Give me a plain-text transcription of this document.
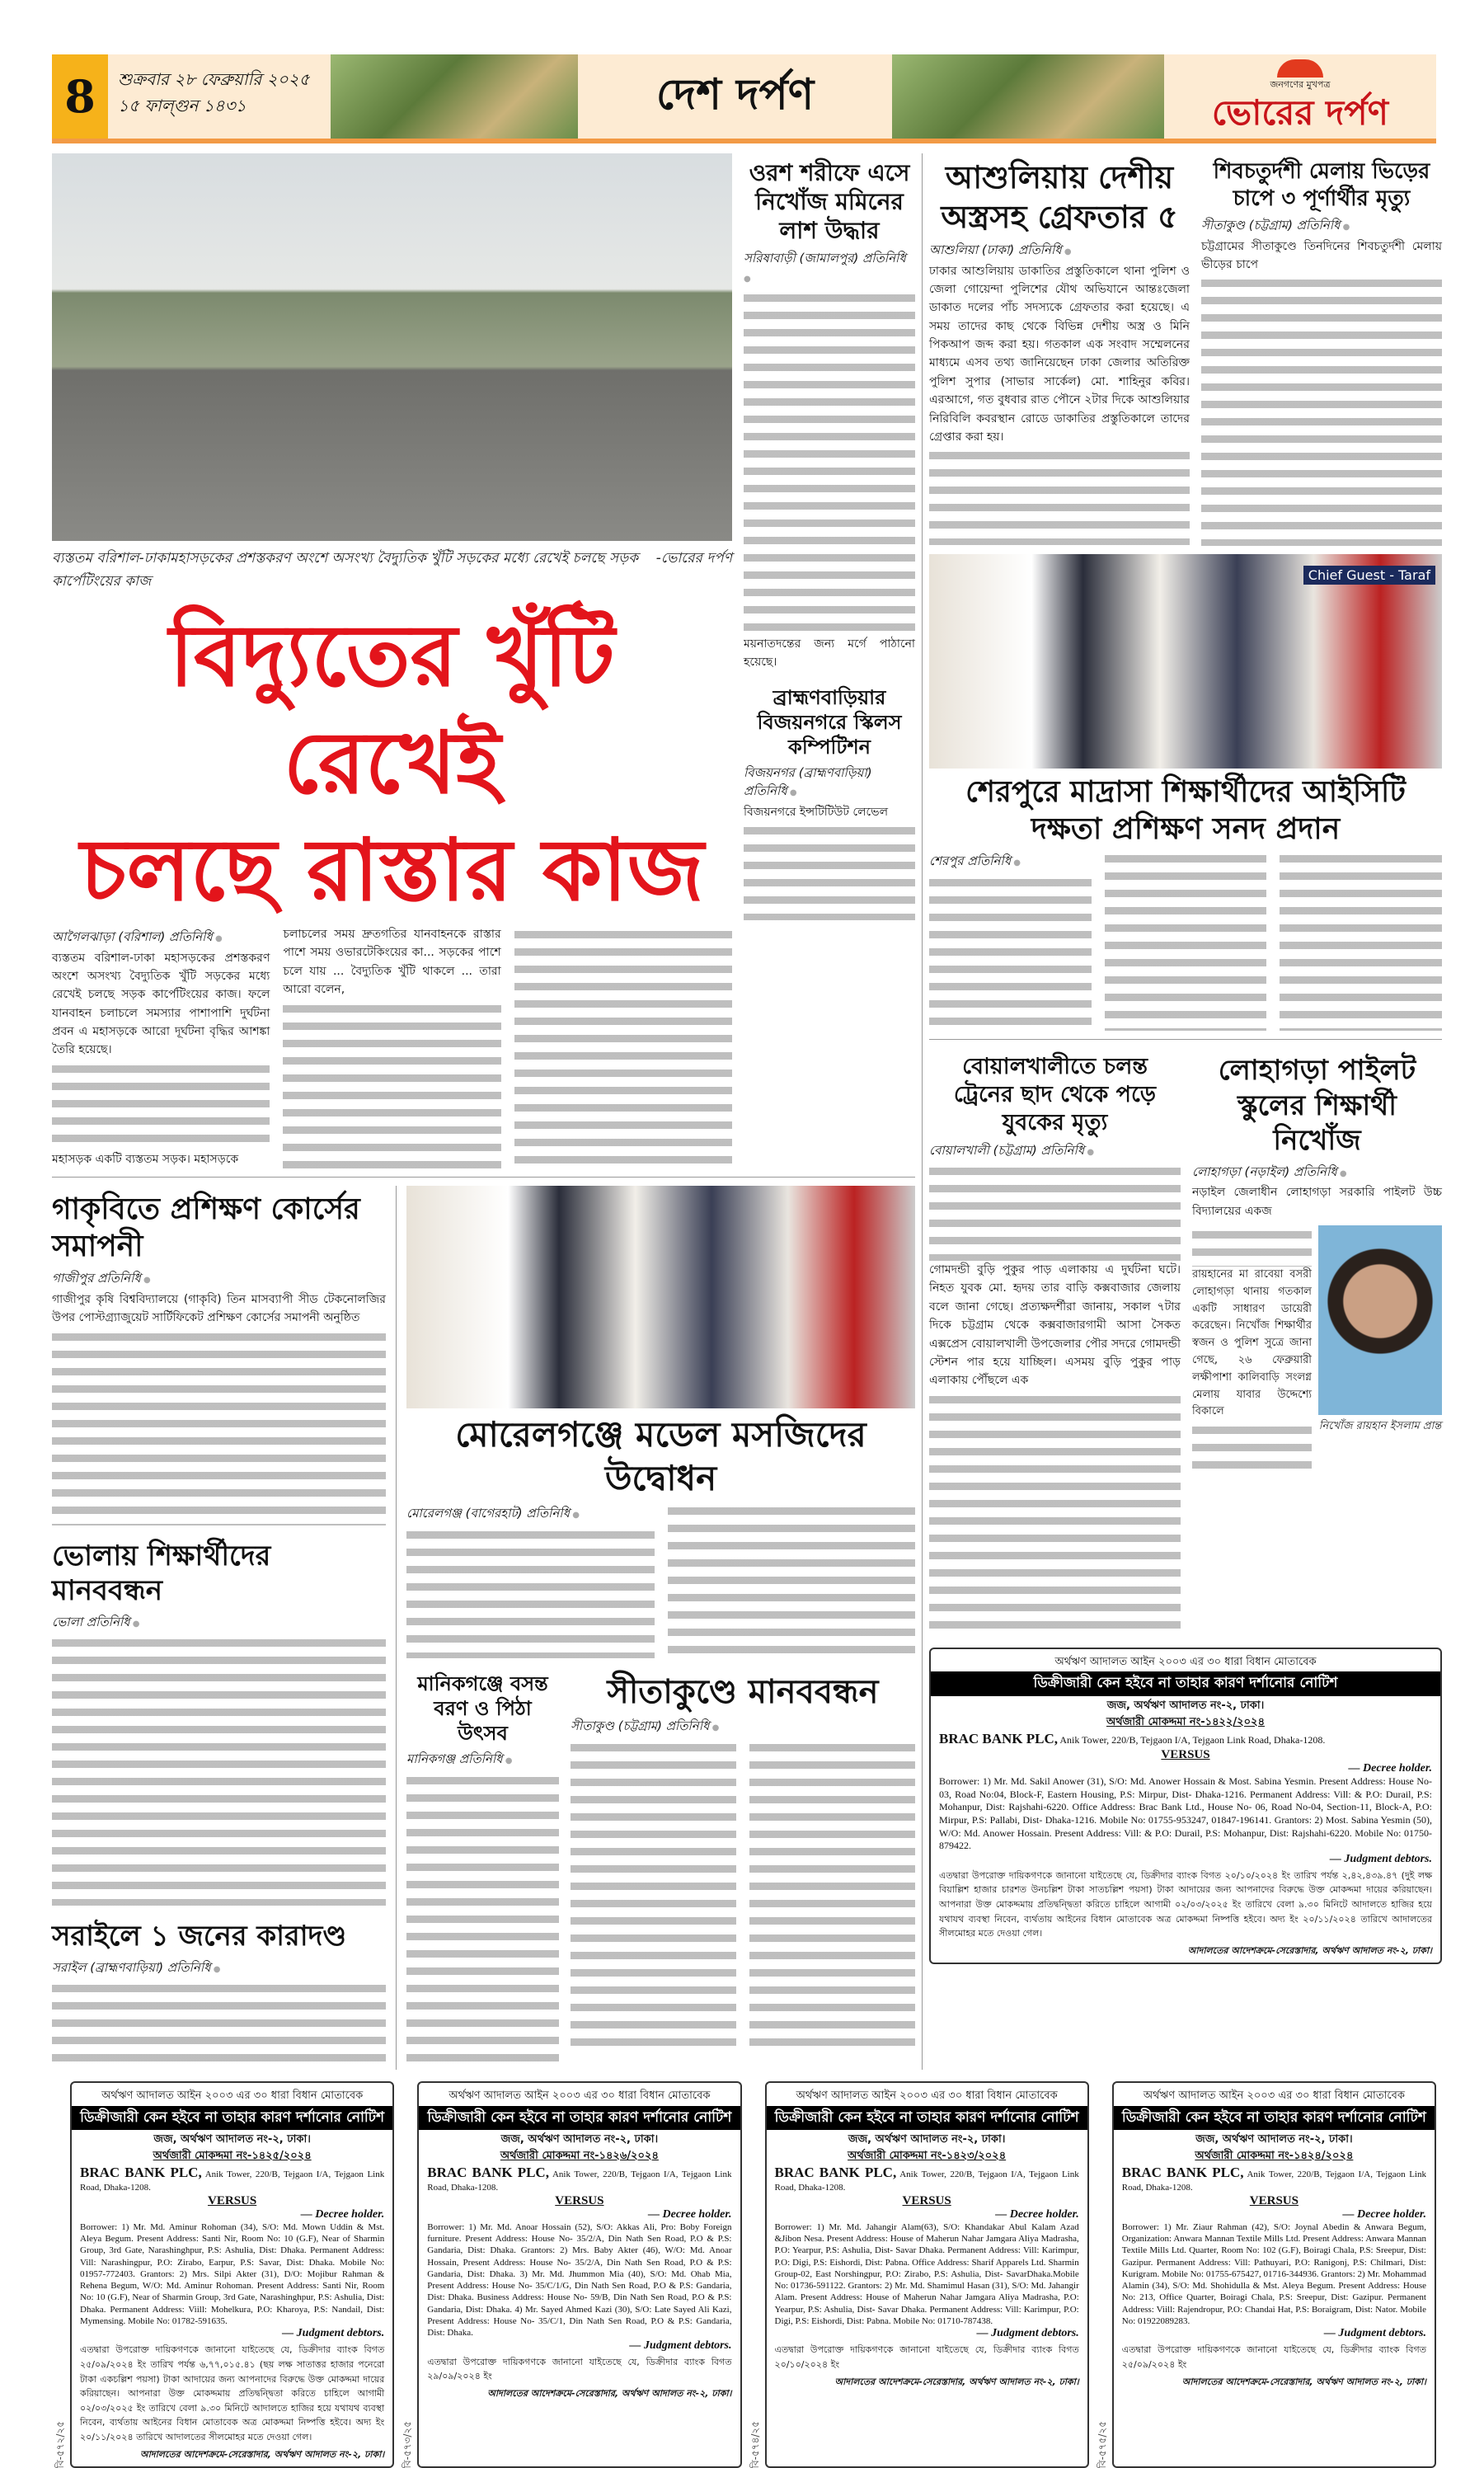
8	শুক্রবার ২৮ ফেব্রুয়ারি ২০২৫
১৫ ফাল্গুন ১৪৩১	দেশ দর্পণ	জনগণের মুখপত্র
ভোরের দর্পণ
ব্যস্ততম বরিশাল-ঢাকামহাসড়কের প্রশস্তকরণ অংশে অসংখ্য বৈদ্যুতিক খুঁটি সড়কের মধ্যে রেখেই চলছে সড়ক কার্পেটিংয়ের কাজ
-ভোরের দর্পণ
বিদ্যুতের খুঁটি রেখেই
চলছে রাস্তার কাজ
আগৈলঝাড়া (বরিশাল) প্রতিনিধি ●
ব্যস্ততম বরিশাল-ঢাকা মহাসড়কের প্রশস্তকরণ অংশে অসংখ্য বৈদ্যুতিক খুঁটি সড়কের মধ্যে রেখেই চলছে সড়ক কার্পেটিংয়ের কাজ। ফলে যানবাহন চলাচলে সমস্যার পাশাপাশি দুর্ঘটনা প্রবন এ মহাসড়কে আরো দূর্ঘটনা বৃদ্ধির আশঙ্কা তৈরি হয়েছে।
মহাসড়ক একটি ব্যস্ততম সড়ক। মহাসড়কে
চলাচলের সময় দ্রুতগতির যানবাহনকে রাস্তার পাশে সময় ওভারটেকিংয়ের কা... সড়কের পাশে চলে যায় ... বৈদ্যুতিক খুঁটি থাকলে ... তারা আরো বলেন,
ওরশ শরীফে এসে নিখোঁজ মমিনের লাশ উদ্ধার
সরিষাবাড়ী (জামালপুর) প্রতিনিধি ●
ময়নাতদন্তের জন্য মর্গে পাঠানো হয়েছে।
ব্রাহ্মণবাড়িয়ার বিজয়নগরে স্কিলস কম্পিটিশন
বিজয়নগর (ব্রাহ্মণবাড়িয়া) প্রতিনিধি ●
বিজয়নগরে ইন্সটিটিউট লেভেল
গাকৃবিতে প্রশিক্ষণ কোর্সের সমাপনী
গাজীপুর প্রতিনিধি ●
গাজীপুর কৃষি বিশ্ববিদ্যালয়ে (গাকৃবি) তিন মাসব্যাপী সীড টেকনোলজির উপর পোস্টগ্র্যাজুয়েট সার্টিফিকেট প্রশিক্ষণ কোর্সের সমাপনী অনুষ্ঠিত
ভোলায় শিক্ষার্থীদের মানববন্ধন
ভোলা প্রতিনিধি ●
সরাইলে ১ জনের কারাদণ্ড
সরাইল (ব্রাহ্মণবাড়িয়া) প্রতিনিধি ●
মোরেলগঞ্জে মডেল মসজিদের উদ্বোধন
মোরেলগঞ্জ (বাগেরহাট) প্রতিনিধি ●
মানিকগঞ্জে বসন্ত বরণ ও পিঠা উৎসব
মানিকগঞ্জ প্রতিনিধি ●
সীতাকুণ্ডে মানববন্ধন
সীতাকুণ্ড (চট্টগ্রাম) প্রতিনিধি ●
আশুলিয়ায় দেশীয় অস্ত্রসহ গ্রেফতার ৫
আশুলিয়া (ঢাকা) প্রতিনিধি ●
ঢাকার আশুলিয়ায় ডাকাতির প্রস্তুতিকালে থানা পুলিশ ও জেলা গোয়েন্দা পুলিশের যৌথ অভিযানে আন্তঃজেলা ডাকাত দলের পাঁচ সদস্যকে গ্রেফতার করা হয়েছে। এ সময় তাদের কাছ থেকে বিভিন্ন দেশীয় অস্ত্র ও মিনি পিকআপ জব্দ করা হয়। গতকাল এক সংবাদ সম্মেলনের মাধ্যমে এসব তথ্য জানিয়েছেন ঢাকা জেলার অতিরিক্ত পুলিশ সুপার (সাভার সার্কেল) মো. শাহিনুর কবির। এরআগে, গত বুধবার রাত পৌনে ২টার দিকে আশুলিয়ার নিরিবিলি কবরস্থান রোডে ডাকাতির প্রস্তুতিকালে তাদের গ্রেপ্তার করা হয়।
শিবচতুর্দশী মেলায় ভিড়ের চাপে ৩ পূর্ণার্থীর মৃত্যু
সীতাকুণ্ড (চট্টগ্রাম) প্রতিনিধি ●
চট্টগ্রামের সীতাকুণ্ডে তিনদিনের শিবচতুর্দশী মেলায় ভীড়ের চাপে
Chief Guest - Taraf
শেরপুরে মাদ্রাসা শিক্ষার্থীদের আইসিটি দক্ষতা প্রশিক্ষণ সনদ প্রদান
শেরপুর প্রতিনিধি ●
বোয়ালখালীতে চলন্ত ট্রেনের ছাদ থেকে পড়ে যুবকের মৃত্যু
বোয়ালখালী (চট্টগ্রাম) প্রতিনিধি ●
গোমদন্ডী বুড়ি পুকুর পাড় এলাকায় এ দুর্ঘটনা ঘটে। নিহত যুবক মো. হৃদয় তার বাড়ি কক্সবাজার জেলায় বলে জানা গেছে। প্রত্যক্ষদর্শীরা জানায়, সকাল ৭টার দিকে চট্টগ্রাম থেকে কক্সবাজারগামী আসা সৈকত এক্সপ্রেস বোয়ালখালী উপজেলার পৌর সদরে গোমদন্ডী স্টেশন পার হয়ে যাচ্ছিল। এসময় বুড়ি পুকুর পাড় এলাকায় পৌঁছলে এক
লোহাগড়া পাইলট স্কুলের শিক্ষার্থী নিখোঁজ
লোহাগড়া (নড়াইল) প্রতিনিধি ●
নড়াইল জেলাধীন লোহাগড়া সরকারি পাইলট উচ্চ বিদ্যালয়ের একজ
রায়হানের মা রাবেয়া বসরী লোহাগড়া থানায় গতকাল একটি সাধারণ ডায়েরী করেছেন। নিখোঁজ শিক্ষার্থীর স্বজন ও পুলিশ সুত্রে জানা গেছে, ২৬ ফেব্রুয়ারী লক্ষীপাশা কালিবাড়ি সংলগ্ন মেলায় যাবার উদ্দেশ্যে বিকালে
নিখোঁজ রায়হান ইসলাম প্রান্ত
অর্থঋণ আদালত আইন ২০০৩ এর ৩০ ধারা বিধান মোতাবেক
ডিক্রীজারী কেন হইবে না তাহার কারণ দর্শানোর নোটিশ
জজ, অর্থঋণ আদালত নং-২, ঢাকা।
অর্থজারী মোকদ্দমা নং-১৪২২/২০২৪
BRAC BANK PLC, Anik Tower, 220/B, Tejgaon I/A, Tejgaon Link Road, Dhaka-1208.
VERSUS
— Decree holder.
Borrower: 1) Mr. Md. Sakil Anower (31), S/O: Md. Anower Hossain & Most. Sabina Yesmin. Present Address: House No-03, Road No:04, Block-F, Eastern Housing, P.S: Mirpur, Dist- Dhaka-1216. Permanent Address: Vill: & P.O: Durail, P.S: Mohanpur, Dist: Rajshahi-6220. Office Address: Brac Bank Ltd., House No- 06, Road No-04, Section-11, Block-A, P.O: Mirpur, P.S: Pallabi, Dist- Dhaka-1216. Mobile No: 01755-953247, 01847-196141. Grantors: 2) Most. Sabina Yesmin (50), W/O: Md. Anower Hossain. Present Address: Vill: & P.O: Durail, P.S: Mohanpur, Dist: Rajshahi-6220. Mobile No: 01750-879422.
— Judgment debtors.
এতদ্বারা উপরোক্ত দায়িকগণকে জানানো যাইতেছে যে, ডিক্রীদার ব্যাংক বিগত ২০/১০/২০২৪ ইং তারিখ পর্যন্ত ২,৪২,৪৩৯.৪৭ (দুই লক্ষ বিয়াল্লিশ হাজার চারশত উনচল্লিশ টাকা সাতচল্লিশ পয়সা) টাকা আদায়ের জন্য আপনাদের বিরুদ্ধে উক্ত মোকদ্দমা দায়ের করিয়াছেন। আপনারা উক্ত মোকদ্দমায় প্রতিদ্বন্দ্বিতা করিতে চাহিলে আগামী ০২/০৩/২০২৫ ইং তারিখে বেলা ৯.৩০ মিনিটে আদালতে হাজির হয়ে যথাযথ ব্যবস্থা নিবেন, ব্যর্থতায় আইনের বিধান মোতাবেক অত্র মোকদ্দমা নিষ্পত্তি হইবে। অদ্য ইং ২০/১১/২০২৪ তারিখে আদালতের সীলমোহর মতে দেওয়া গেল।
আদালতের আদেশক্রমে-সেরেস্তাদার, অর্থঋণ আদালত নং-২, ঢাকা।
বি-৫৭২/২৫
অর্থঋণ আদালত আইন ২০০৩ এর ৩০ ধারা বিধান মোতাবেক
ডিক্রীজারী কেন হইবে না তাহার কারণ দর্শানোর নোটিশ
জজ, অর্থঋণ আদালত নং-২, ঢাকা।
অর্থজারী মোকদ্দমা নং-১৪২৫/২০২৪
BRAC BANK PLC, Anik Tower, 220/B, Tejgaon I/A, Tejgaon Link Road, Dhaka-1208.
VERSUS
— Decree holder.
Borrower: 1) Mr. Md. Aminur Rohoman (34), S/O: Md. Mown Uddin & Mst. Aleya Begum. Present Address: Santi Nir, Room No: 10 (G.F), Near of Sharmin Group, 3rd Gate, Narashinghpur, P.S: Ashulia, Dist: Dhaka. Permanent Address: Vill: Narashingpur, P.O: Zirabo, Earpur, P.S: Savar, Dist: Dhaka. Mobile No: 01957-772403. Grantors: 2) Mrs. Silpi Akter (31), D/O: Mojibur Rahman & Rehena Begum, W/O: Md. Aminur Rohoman. Present Address: Santi Nir, Room No: 10 (G.F), Near of Sharmin Group, 3rd Gate, Narashinghpur, P.S: Ashulia, Dist: Dhaka. Permanent Address: Viill: Mohelkura, P.O: Kharoya, P.S: Nandail, Dist: Mymensing. Mobile No: 01782-591635.
— Judgment debtors.
এতদ্বারা উপরোক্ত দায়িকগণকে জানানো যাইতেছে যে, ডিক্রীদার ব্যাংক বিগত ২৫/০৯/২০২৪ ইং তারিখ পর্যন্ত ৬,৭৭,০১৫.৪১ (ছয় লক্ষ সাতাত্তর হাজার পনেরো টাকা একচল্লিশ পয়সা) টাকা আদায়ের জন্য আপনাদের বিরুদ্ধে উক্ত মোকদ্দমা দায়ের করিয়াছেন। আপনারা উক্ত মোকদ্দমায় প্রতিদ্বন্দ্বিতা করিতে চাহিলে আগামী ০২/০৩/২০২৫ ইং তারিখে বেলা ৯.৩০ মিনিটে আদালতে হাজির হয়ে যথাযথ ব্যবস্থা নিবেন, ব্যর্থতায় আইনের বিধান মোতাবেক অত্র মোকদ্দমা নিষ্পত্তি হইবে। অদ্য ইং ২০/১১/২০২৪ তারিখে আদালতের সীলমোহর মতে দেওয়া গেল।
আদালতের আদেশক্রমে-সেরেস্তাদার, অর্থঋণ আদালত নং-২, ঢাকা। বি-৫৭৩/২৫
অর্থঋণ আদালত আইন ২০০৩ এর ৩০ ধারা বিধান মোতাবেক
ডিক্রীজারী কেন হইবে না তাহার কারণ দর্শানোর নোটিশ
জজ, অর্থঋণ আদালত নং-২, ঢাকা।
অর্থজারী মোকদ্দমা নং-১৪২৬/২০২৪
BRAC BANK PLC, Anik Tower, 220/B, Tejgaon I/A, Tejgaon Link Road, Dhaka-1208.
VERSUS
— Decree holder.
Borrower: 1) Mr. Md. Anoar Hossain (52), S/O: Akkas Ali, Pro: Boby Foreign furniture. Present Address: House No- 35/2/A, Din Nath Sen Road, P.O & P.S: Gandaria, Dist: Dhaka. Grantors: 2) Mrs. Baby Akter (46), W/O: Md. Anoar Hossain, Present Address: House No- 35/2/A, Din Nath Sen Road, P.O & P.S: Gandaria, Dist: Dhaka. 3) Mr. Md. Jhummon Mia (40), S/O: Md. Ohab Mia, Present Address: House No- 35/C/1/G, Din Nath Sen Road, P.O & P.S: Gandaria, Dist: Dhaka. Business Address: House No- 59/B, Din Nath Sen Road, P.O & P.S: Gandaria, Dist: Dhaka. 4) Mr. Sayed Ahmed Kazi (30), S/O: Late Sayed Ali Kazi, Present Address: House No- 35/C/1, Din Nath Sen Road, P.O & P.S: Gandaria, Dist: Dhaka.
— Judgment debtors.
এতদ্বারা উপরোক্ত দায়িকগণকে জানানো যাইতেছে যে, ডিক্রীদার ব্যাংক বিগত ২৯/০৯/২০২৪ ইং
আদালতের আদেশক্রমে-সেরেস্তাদার, অর্থঋণ আদালত নং-২, ঢাকা।
বি-৫৭৪/২৫
অর্থঋণ আদালত আইন ২০০৩ এর ৩০ ধারা বিধান মোতাবেক
ডিক্রীজারী কেন হইবে না তাহার কারণ দর্শানোর নোটিশ
জজ, অর্থঋণ আদালত নং-২, ঢাকা।
অর্থজারী মোকদ্দমা নং-১৪২৩/২০২৪
BRAC BANK PLC, Anik Tower, 220/B, Tejgaon I/A, Tejgaon Link Road, Dhaka-1208.
VERSUS
— Decree holder.
Borrower: 1) Mr. Md. Jahangir Alam(63), S/O: Khandakar Abul Kalam Azad &Jibon Nesa. Present Address: House of Maherun Nahar Jamgara Aliya Madrasha, P.O: Yearpur, P.S: Ashulia, Dist- Savar Dhaka. Permanent Address: Vill: Karimpur, P.O: Digi, P.S: Eishordi, Dist: Pabna. Office Address: Sharif Apparels Ltd. Sharmin Group-02, East Norshingpur, P.O: Zirabo, P.S: Ashulia, Dist- SavarDhaka.Mobile No: 01736-591122. Grantors: 2) Mr. Md. Shamimul Hasan (31), S/O: Md. Jahangir Alam. Present Address: House of Maherun Nahar Jamgara Aliya Madrasha, P.O: Yearpur, P.S: Ashulia, Dist- Savar Dhaka. Permanent Address: Vill: Karimpur, P.O: Digi, P.S: Eishordi, Dist: Pabna. Mobile No: 01710-787438.
— Judgment debtors.
এতদ্বারা উপরোক্ত দায়িকগণকে জানানো যাইতেছে যে, ডিক্রীদার ব্যাংক বিগত ২০/১০/২০২৪ ইং
আদালতের আদেশক্রমে-সেরেস্তাদার, অর্থঋণ আদালত নং-২, ঢাকা।
বি-৫৭৫/২৫
অর্থঋণ আদালত আইন ২০০৩ এর ৩০ ধারা বিধান মোতাবেক
ডিক্রীজারী কেন হইবে না তাহার কারণ দর্শানোর নোটিশ
জজ, অর্থঋণ আদালত নং-২, ঢাকা।
অর্থজারী মোকদ্দমা নং-১৪২৪/২০২৪
BRAC BANK PLC, Anik Tower, 220/B, Tejgaon I/A, Tejgaon Link Road, Dhaka-1208.
VERSUS
— Decree holder.
Borrower: 1) Mr. Ziaur Rahman (42), S/O: Joynal Abedin & Anwara Begum, Organization: Anwara Mannan Textile Mills Ltd. Present Address: Anwara Mannan Textile Mills Ltd. Quarter, Room No: 102 (G.F), Boiragi Chala, P.S: Sreepur, Dist: Gazipur. Permanent Address: Vill: Pathuyari, P.O: Ranigonj, P.S: Chilmari, Dist: Kurigram. Mobile No: 01755-675427, 01716-344936. Grantors: 2) Mr. Mohammad Alamin (34), S/O: Md. Shohidulla & Mst. Aleya Begum. Present Address: House No: 213, Office Quarter, Boiragi Chala, P.S: Sreepur, Dist: Gazipur. Permanent Address: Viill: Rajendropur, P.O: Chandai Hat, P.S: Boraigram, Dist: Nator. Mobile No: 01922089283.
— Judgment debtors.
এতদ্বারা উপরোক্ত দায়িকগণকে জানানো যাইতেছে যে, ডিক্রীদার ব্যাংক বিগত ২৫/০৯/২০২৪ ইং
আদালতের আদেশক্রমে-সেরেস্তাদার, অর্থঋণ আদালত নং-২, ঢাকা।
